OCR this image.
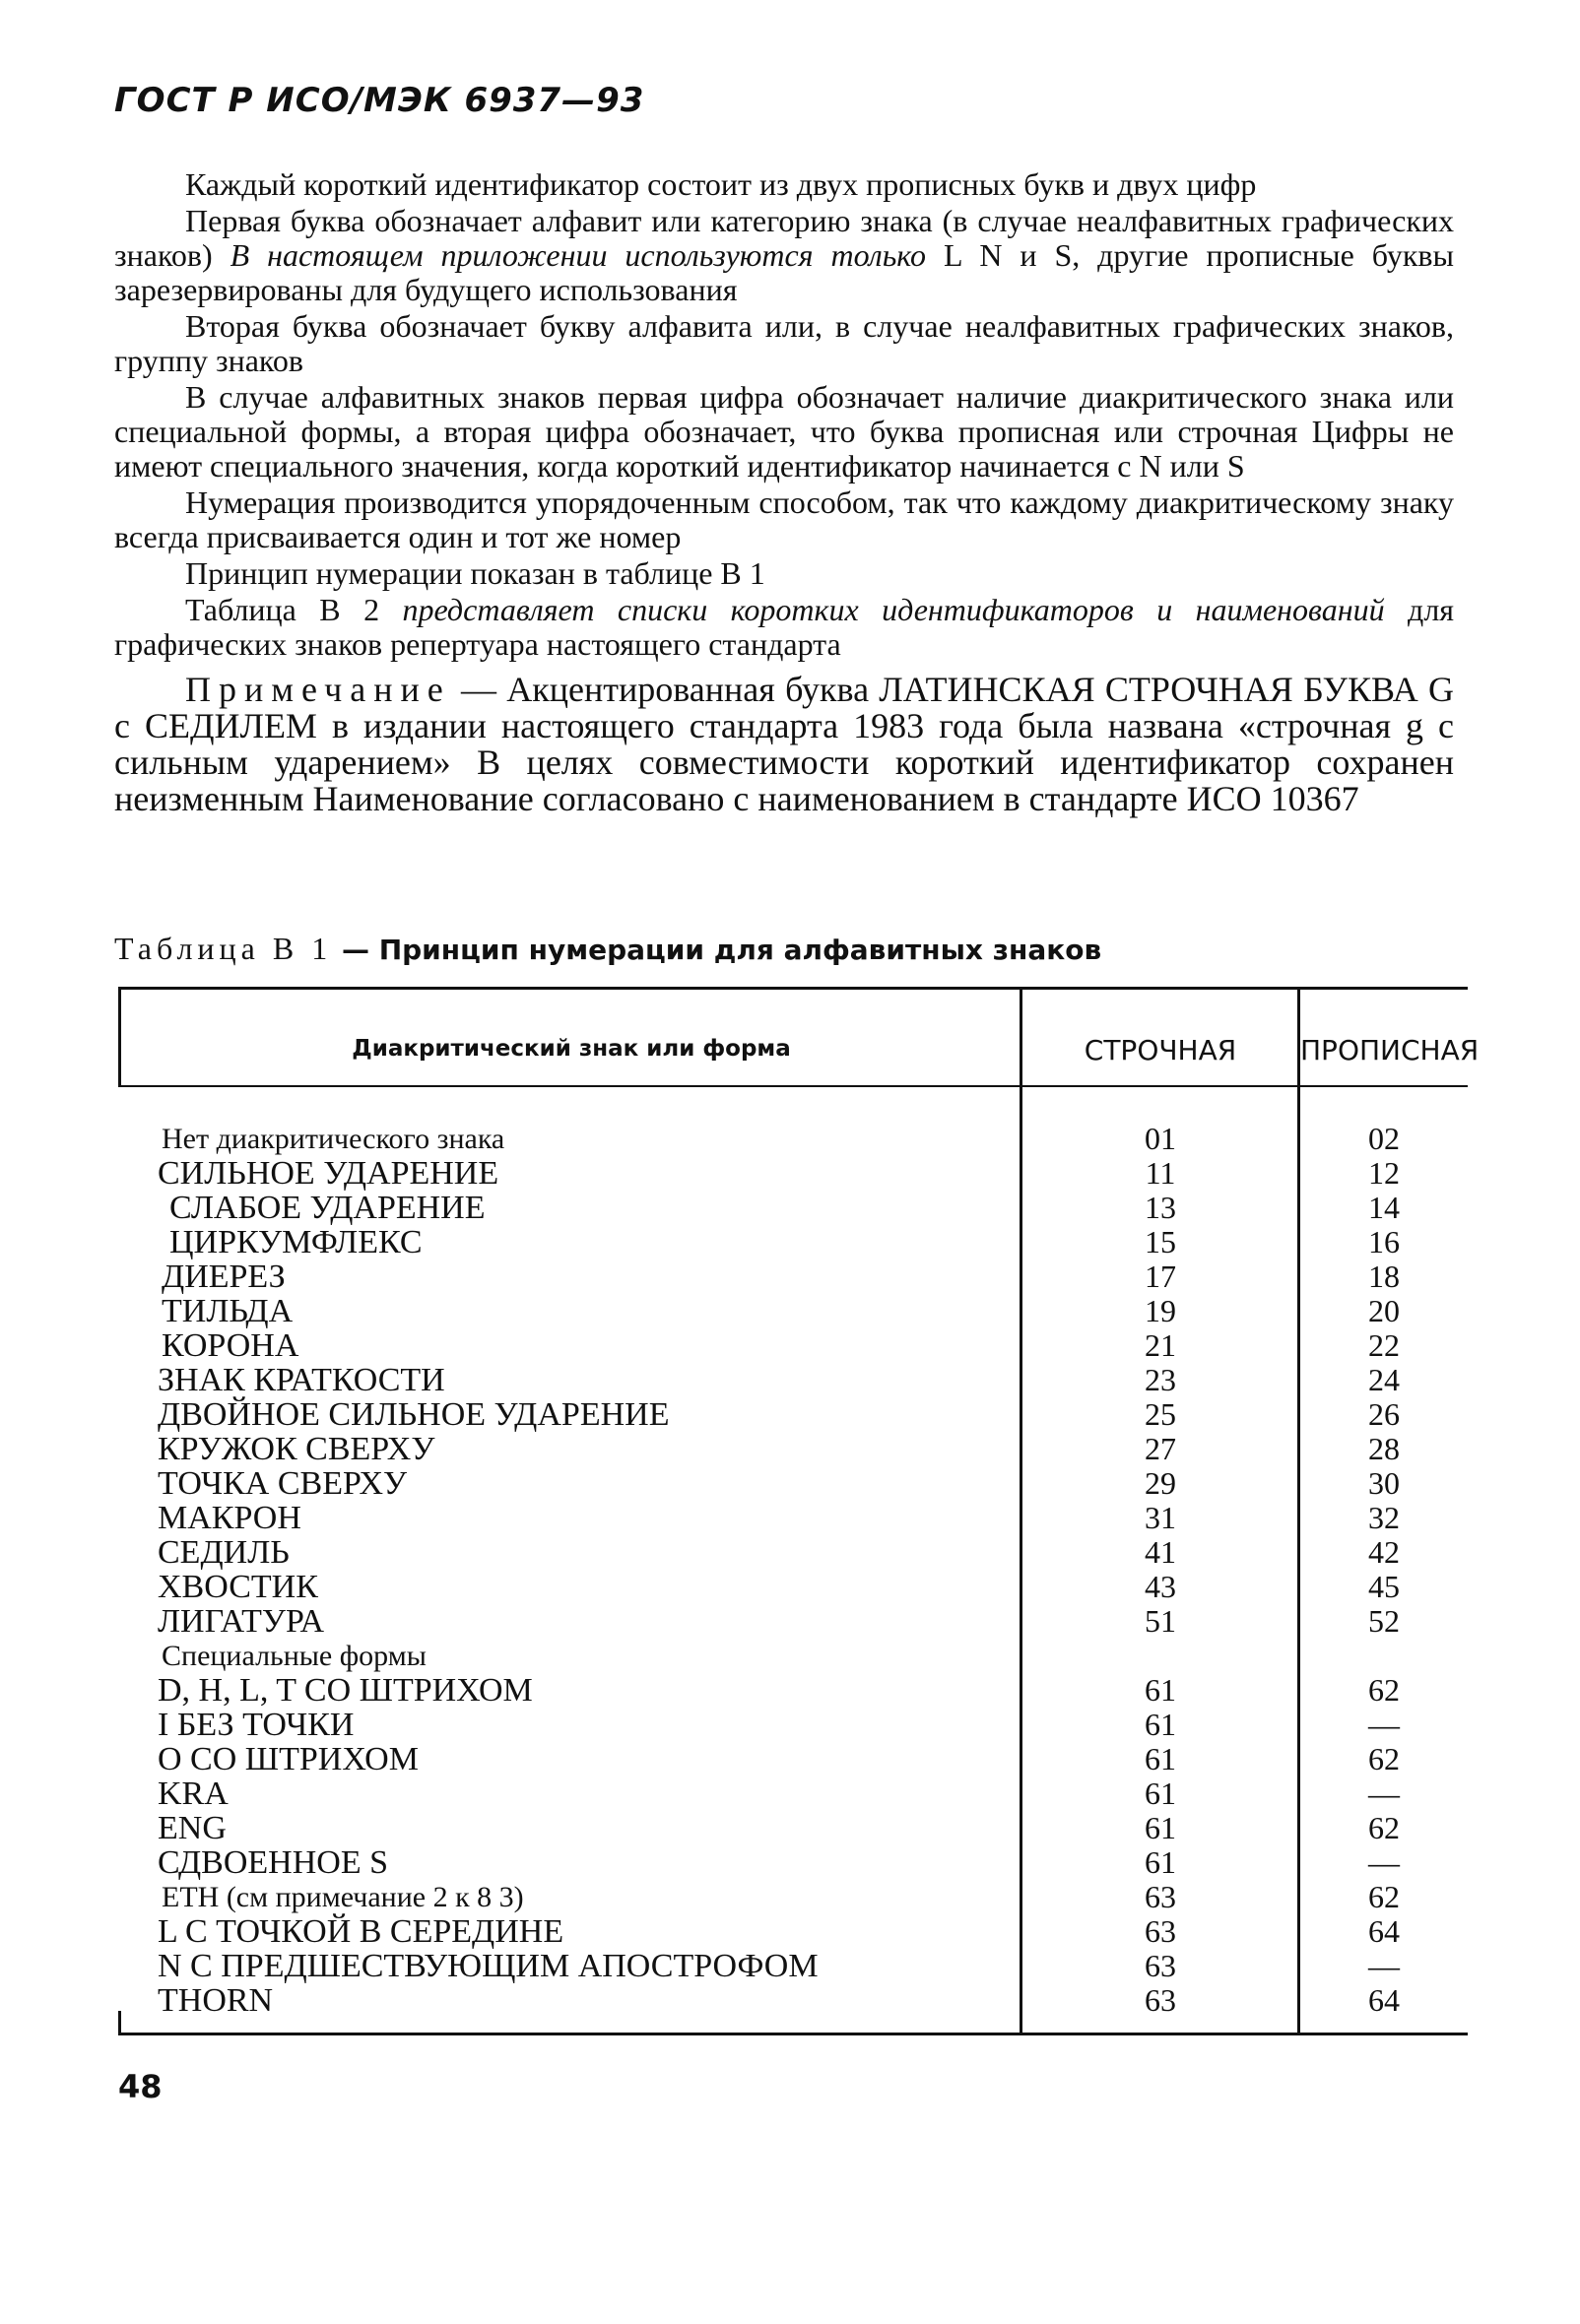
ГОСТ Р ИСО/МЭК 6937—93

Каждый короткий идентификатор состоит из двух прописных букв и двух цифр

Первая буква обозначает алфавит или категорию знака (в случае неалфавитных графических знаков) В настоящем приложении используются только L N и S, другие прописные буквы зарезервированы для будущего использования

Вторая буква обозначает букву алфавита или, в случае неалфавитных графических знаков, группу знаков

В случае алфавитных знаков первая цифра обозначает наличие диакритического знака или специальной формы, а вторая цифра обозначает, что буква прописная или строчная Цифры не имеют специального значения, когда короткий идентификатор начинается с N или S

Нумерация производится упорядоченным способом, так что каждому диакритическому знаку всегда присваивается один и тот же номер

Принцип нумерации показан в таблице В 1

Таблица В 2 представляет списки коротких идентификаторов и наименований для графических знаков репертуара настоящего стандарта

Примечание — Акцентированная буква ЛАТИНСКАЯ СТРОЧНАЯ БУКВА G с СЕДИЛЕМ в издании настоящего стандарта 1983 года была названа «строчная g с сильным ударением» В целях совместимости короткий идентификатор сохранен неизменным Наименование согласовано с наименованием в стандарте ИСО 10367

Таблица В 1 — Принцип нумерации для алфавитных знаков
Диакритический знак или форма	СТРОЧНАЯ	ПРОПИСНАЯ
Нет диакритического знака	01	02
СИЛЬНОЕ УДАРЕНИЕ	11	12
СЛАБОЕ УДАРЕНИЕ	13	14
ЦИРКУМФЛЕКС	15	16
ДИЕРЕЗ	17	18
ТИЛЬДА	19	20
КОРОНА	21	22
ЗНАК КРАТКОСТИ	23	24
ДВОЙНОЕ СИЛЬНОЕ УДАРЕНИЕ	25	26
КРУЖОК СВЕРХУ	27	28
ТОЧКА СВЕРХУ	29	30
МАКРОН	31	32
СЕДИЛЬ	41	42
ХВОСТИК	43	45
ЛИГАТУРА	51	52
Специальные формы
D, H, L, T СО ШТРИХОМ	61	62
I БЕЗ ТОЧКИ	61	—
О СО ШТРИХОМ	61	62
KRA	61	—
ENG	61	62
СДВОЕННОЕ S	61	—
ETH (см примечание 2 к 8 3)	63	62
L С ТОЧКОЙ В СЕРЕДИНЕ	63	64
N С ПРЕДШЕСТВУЮЩИМ АПОСТРОФОМ	63	—
THORN	63	64
48
